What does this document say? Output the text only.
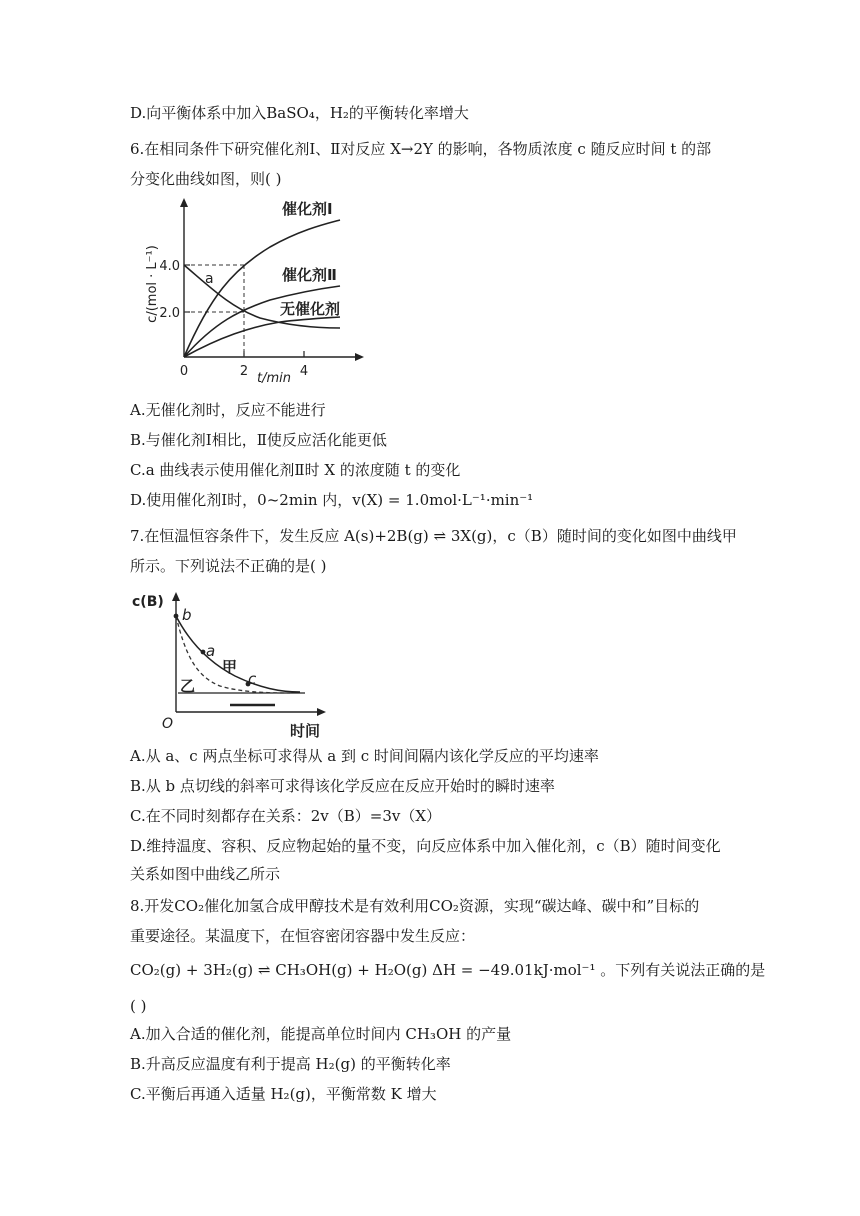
D.向平衡体系中加入BaSO₄，H₂的平衡转化率增大
6.在相同条件下研究催化剂Ⅰ、Ⅱ对反应 X→2Y 的影响，各物质浓度 c 随反应时间 t 的部
分变化曲线如图，则( )
4.0
2.0
0	2	4
t/min
c/(mol · L⁻¹)
催化剂Ⅰ
催化剂Ⅱ
无催化剂
a
A.无催化剂时，反应不能进行
B.与催化剂Ⅰ相比，Ⅱ使反应活化能更低
C.a 曲线表示使用催化剂Ⅱ时 X 的浓度随 t 的变化
D.使用催化剂Ⅰ时，0~2min 内，v(X) = 1.0mol·L⁻¹·min⁻¹
7.在恒温恒容条件下，发生反应 A(s)+2B(g) ⇌ 3X(g)，c（B）随时间的变化如图中曲线甲
所示。下列说法不正确的是( )
c(B)
时间
O
b
a
c
甲
乙
A.从 a、c 两点坐标可求得从 a 到 c 时间间隔内该化学反应的平均速率
B.从 b 点切线的斜率可求得该化学反应在反应开始时的瞬时速率
C.在不同时刻都存在关系：2v（B）=3v（X）
D.维持温度、容积、反应物起始的量不变，向反应体系中加入催化剂，c（B）随时间变化
关系如图中曲线乙所示
8.开发CO₂催化加氢合成甲醇技术是有效利用CO₂资源，实现“碳达峰、碳中和”目标的
重要途径。某温度下，在恒容密闭容器中发生反应：
CO₂(g) + 3H₂(g) ⇌ CH₃OH(g) + H₂O(g) ΔH = −49.01kJ·mol⁻¹ 。下列有关说法正确的是
( )
A.加入合适的催化剂，能提高单位时间内 CH₃OH 的产量
B.升高反应温度有利于提高 H₂(g) 的平衡转化率
C.平衡后再通入适量 H₂(g)，平衡常数 K 增大
